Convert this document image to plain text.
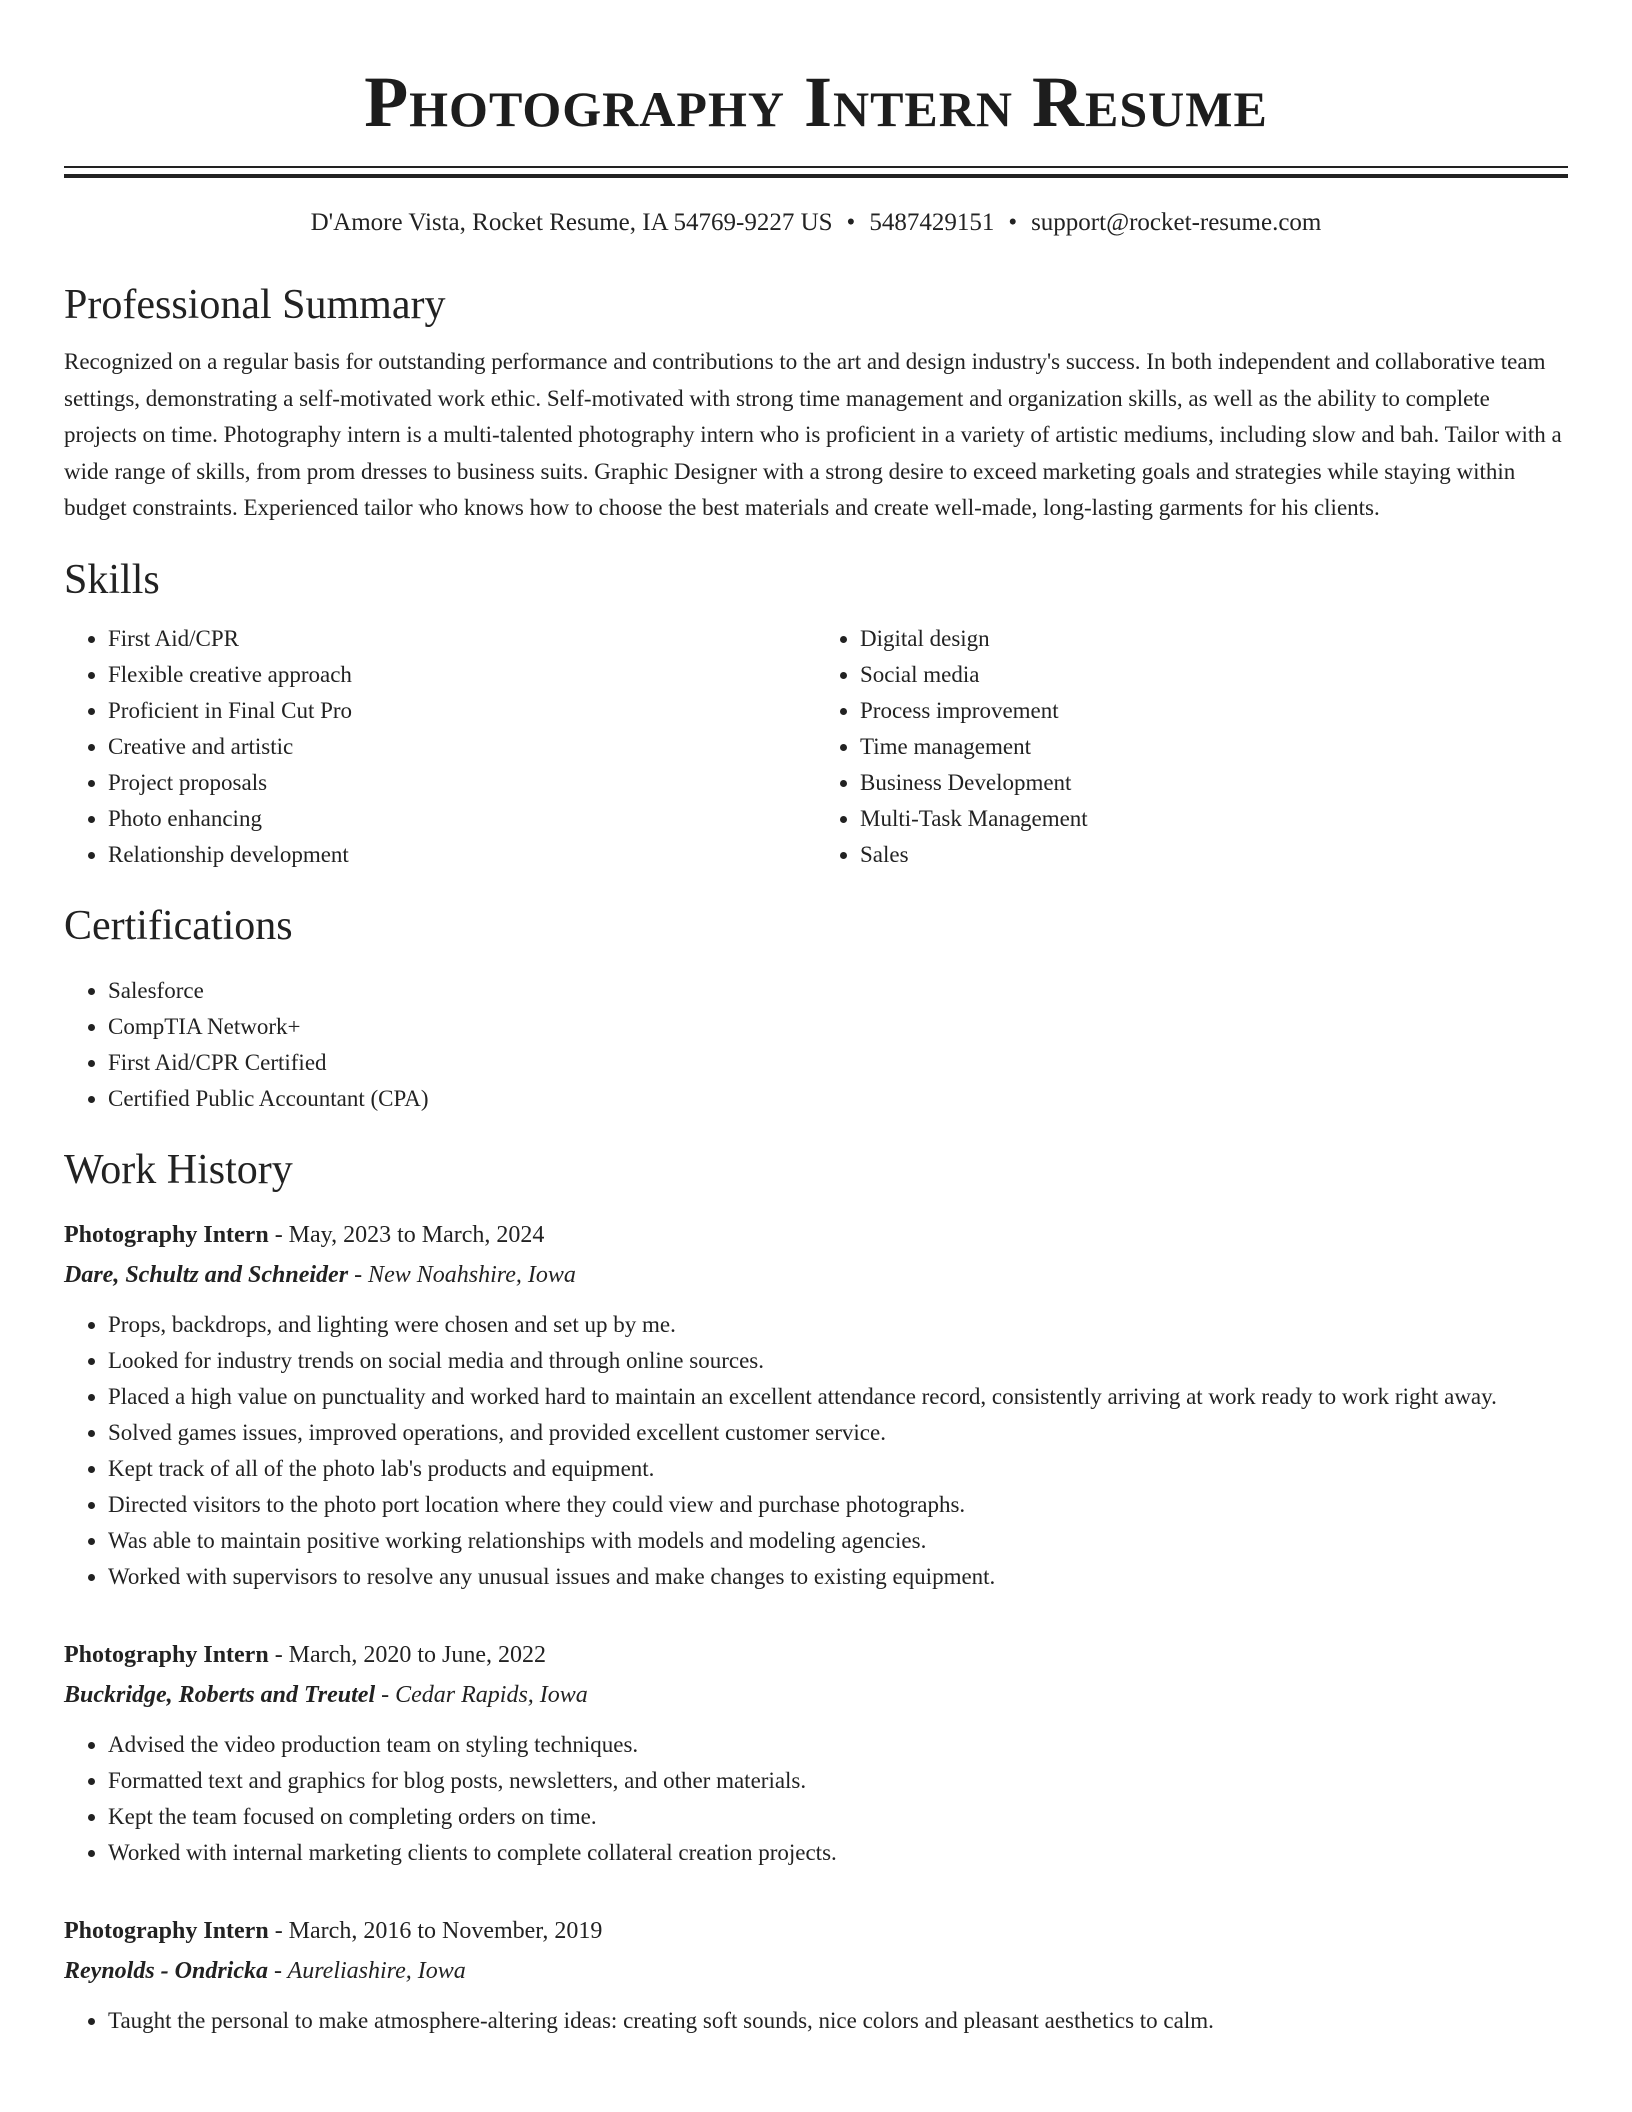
Photography Intern Resume
D'Amore Vista, Rocket Resume, IA 54769-9227 US • 5487429151 • support@rocket-resume.com
Professional Summary

Recognized on a regular basis for outstanding performance and contributions to the art and design industry's success. In both independent and collaborative team settings, demonstrating a self-motivated work ethic. Self-motivated with strong time management and organization skills, as well as the ability to complete projects on time. Photography intern is a multi-talented photography intern who is proficient in a variety of artistic mediums, including slow and bah. Tailor with a wide range of skills, from prom dresses to business suits. Graphic Designer with a strong desire to exceed marketing goals and strategies while staying within budget constraints. Experienced tailor who knows how to choose the best materials and create well-made, long-lasting garments for his clients.

Skills
• First Aid/CPR
• Flexible creative approach
• Proficient in Final Cut Pro
• Creative and artistic
• Project proposals
• Photo enhancing
• Relationship development
• Digital design
• Social media
• Process improvement
• Time management
• Business Development
• Multi-Task Management
• Sales
Certifications
• Salesforce
• CompTIA Network+
• First Aid/CPR Certified
• Certified Public Accountant (CPA)
Work History
Photography Intern - May, 2023 to March, 2024
Dare, Schultz and Schneider - New Noahshire, Iowa
• Props, backdrops, and lighting were chosen and set up by me.
• Looked for industry trends on social media and through online sources.
• Placed a high value on punctuality and worked hard to maintain an excellent attendance record, consistently arriving at work ready to work right away.
• Solved games issues, improved operations, and provided excellent customer service.
• Kept track of all of the photo lab's products and equipment.
• Directed visitors to the photo port location where they could view and purchase photographs.
• Was able to maintain positive working relationships with models and modeling agencies.
• Worked with supervisors to resolve any unusual issues and make changes to existing equipment.
Photography Intern - March, 2020 to June, 2022
Buckridge, Roberts and Treutel - Cedar Rapids, Iowa
• Advised the video production team on styling techniques.
• Formatted text and graphics for blog posts, newsletters, and other materials.
• Kept the team focused on completing orders on time.
• Worked with internal marketing clients to complete collateral creation projects.
Photography Intern - March, 2016 to November, 2019
Reynolds - Ondricka - Aureliashire, Iowa
• Taught the personal to make atmosphere-altering ideas: creating soft sounds, nice colors and pleasant aesthetics to calm.
